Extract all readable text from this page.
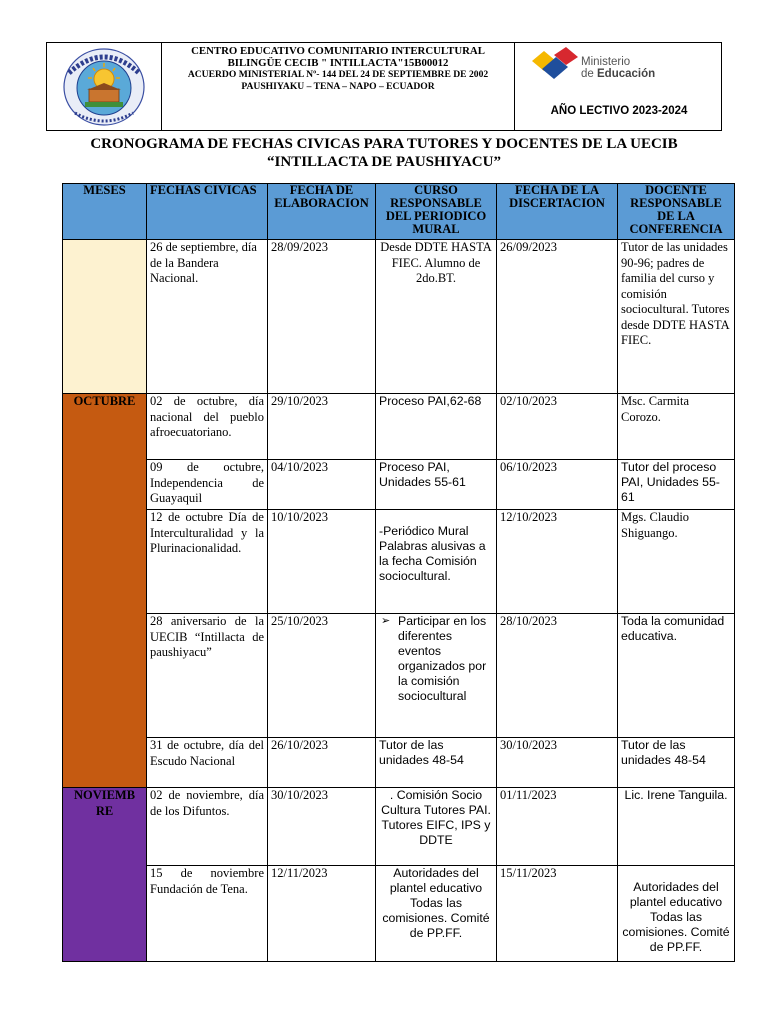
CENTRO EDUCATIVO COMUNITARIO INTERCULTURAL
BILINGÜE CECIB " INTILLACTA"15B00012
ACUERDO MINISTERIAL Nº- 144 DEL 24 DE SEPTIEMBRE DE 2002
PAUSHIYAKU – TENA – NAPO – ECUADOR
Ministerio
de Educación
AÑO LECTIVO 2023-2024
CRONOGRAMA DE FECHAS CIVICAS PARA TUTORES Y DOCENTES DE LA UECIB
“INTILLACTA DE PAUSHIYACU”
MESES	FECHAS CIVICAS	FECHA DE ELABORACION	CURSO RESPONSABLE DEL PERIODICO MURAL	FECHA DE LA DISCERTACION	DOCENTE RESPONSABLE DE LA CONFERENCIA
	26 de septiembre, día de la Bandera Nacional.	28/09/2023	Desde DDTE HASTA FIEC. Alumno de 2do.BT.	26/09/2023	Tutor de las unidades 90-96; padres de familia del curso y comisión sociocultural. Tutores desde DDTE HASTA FIEC.
OCTUBRE	02 de octubre, día nacional del pueblo afroecuatoriano.	29/10/2023	Proceso PAI,62-68	02/10/2023	Msc. Carmita Corozo.
	09 de octubre, Independencia de Guayaquil	04/10/2023	Proceso PAI, Unidades 55-61	06/10/2023	Tutor del proceso PAI, Unidades 55-61
	12 de octubre Día de Interculturalidad y la Plurinacionalidad.	10/10/2023	-Periódico Mural Palabras alusivas a la fecha Comisión sociocultural.	12/10/2023	Mgs. Claudio Shiguango.
	28 aniversario de la UECIB “Intillacta de paushiyacu”	25/10/2023	➢ Participar en los diferentes eventos organizados por la comisión sociocultural	28/10/2023	Toda la comunidad educativa.
	31 de octubre, día del Escudo Nacional	26/10/2023	Tutor de las unidades 48-54	30/10/2023	Tutor de las unidades 48-54
NOVIEMB RE	02 de noviembre, día de los Difuntos.	30/10/2023	. Comisión Socio Cultura Tutores PAI. Tutores EIFC, IPS y DDTE	01/11/2023	Lic. Irene Tanguila.
	15 de noviembre Fundación de Tena.	12/11/2023	Autoridades del plantel educativo Todas las comisiones. Comité de PP.FF.	15/11/2023	Autoridades del plantel educativo Todas las comisiones. Comité de PP.FF.
